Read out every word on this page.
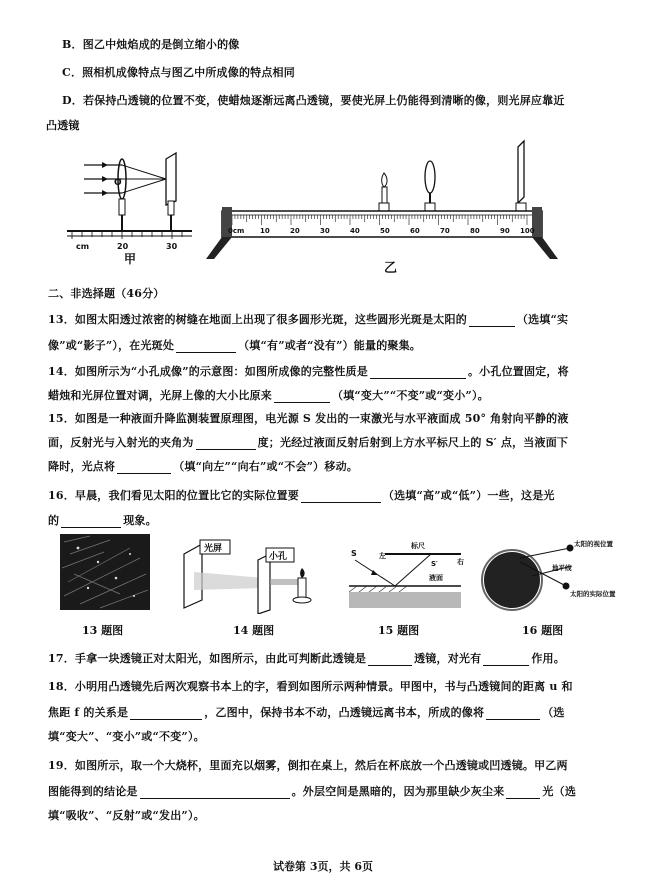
B．图乙中烛焰成的是倒立缩小的像
C．照相机成像特点与图乙中所成像的特点相同
D．若保持凸透镜的位置不变，使蜡烛逐渐远离凸透镜，要使光屏上仍能得到清晰的像，则光屏应靠近
凸透镜
O
cm	20	30
甲
0cm 10	20	30	40	50	60	70	80	90 100
乙
二、非选择题（46分）
13．如图太阳透过浓密的树缝在地面上出现了很多圆形光斑，这些圆形光斑是太阳的	（选填“实
像”或“影子”），在光斑处	（填“有”或者“没有”）能量的聚集。
14．如图所示为“小孔成像”的示意图：如图所成像的完整性质是	。小孔位置固定，将
蜡烛和光屏位置对调，光屏上像的大小比原来	（填“变大”“不变”或“变小”）。
15．如图是一种液面升降监测装置原理图，电光源 S 发出的一束激光与水平液面成 50° 角射向平静的液
面，反射光与入射光的夹角为	度；光经过液面反射后射到上方水平标尺上的 S′ 点，当液面下
降时，光点将	（填“向左”“向右”或“不会”）移动。
16．早晨，我们看见太阳的位置比它的实际位置要	（选填“高”或“低”）一些，这是光
的	现象。
光屏
小孔
标尺
左
右
S
S′
液面
太阳的视位置
地平线
太阳的实际位置
13 题图	14 题图	15 题图	16 题图
17．手拿一块透镜正对太阳光，如图所示，由此可判断此透镜是	透镜，对光有	作用。
18．小明用凸透镜先后两次观察书本上的字，看到如图所示两种情景。甲图中，书与凸透镜间的距离 u 和
焦距 f 的关系是	，乙图中，保持书本不动，凸透镜远离书本，所成的像将	（选
填“变大”、“变小”或“不变”）。
19．如图所示，取一个大烧杯，里面充以烟雾，倒扣在桌上，然后在杯底放一个凸透镜或凹透镜。甲乙两
图能得到的结论是	。外层空间是黑暗的，因为那里缺少灰尘来	光（选
填“吸收”、“反射”或“发出”）。
试卷第 3页，共 6页
